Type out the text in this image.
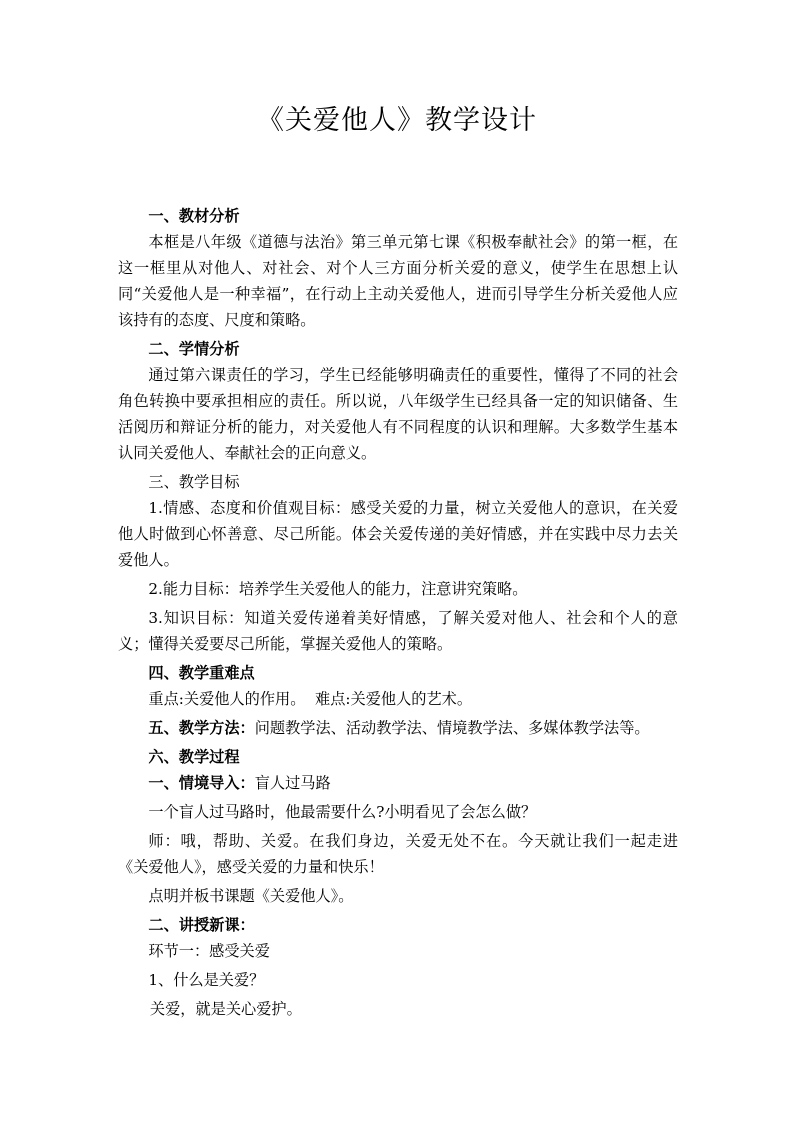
《关爱他人》教学设计
一、教材分析

本框是八年级《道德与法治》第三单元第七课《积极奉献社会》的第一框，在这一框里从对他人、对社会、对个人三方面分析关爱的意义，使学生在思想上认同“关爱他人是一种幸福”，在行动上主动关爱他人，进而引导学生分析关爱他人应该持有的态度、尺度和策略。

二、学情分析

通过第六课责任的学习，学生已经能够明确责任的重要性，懂得了不同的社会角色转换中要承担相应的责任。所以说，八年级学生已经具备一定的知识储备、生活阅历和辩证分析的能力，对关爱他人有不同程度的认识和理解。大多数学生基本认同关爱他人、奉献社会的正向意义。

三、教学目标

1.情感、态度和价值观目标：感受关爱的力量，树立关爱他人的意识，在关爱他人时做到心怀善意、尽己所能。体会关爱传递的美好情感，并在实践中尽力去关爱他人。

2.能力目标：培养学生关爱他人的能力，注意讲究策略。

3.知识目标：知道关爱传递着美好情感，了解关爱对他人、社会和个人的意义；懂得关爱要尽己所能，掌握关爱他人的策略。

四、教学重难点

重点:关爱他人的作用。  难点:关爱他人的艺术。

五、教学方法：问题教学法、活动教学法、情境教学法、多媒体教学法等。

六、教学过程

一、情境导入：盲人过马路

一个盲人过马路时，他最需要什么?小明看见了会怎么做？

师：哦，帮助、关爱。在我们身边，关爱无处不在。今天就让我们一起走进《关爱他人》，感受关爱的力量和快乐！

点明并板书课题《关爱他人》。

二、讲授新课：

环节一：感受关爱

1、什么是关爱？

关爱，就是关心爱护。
